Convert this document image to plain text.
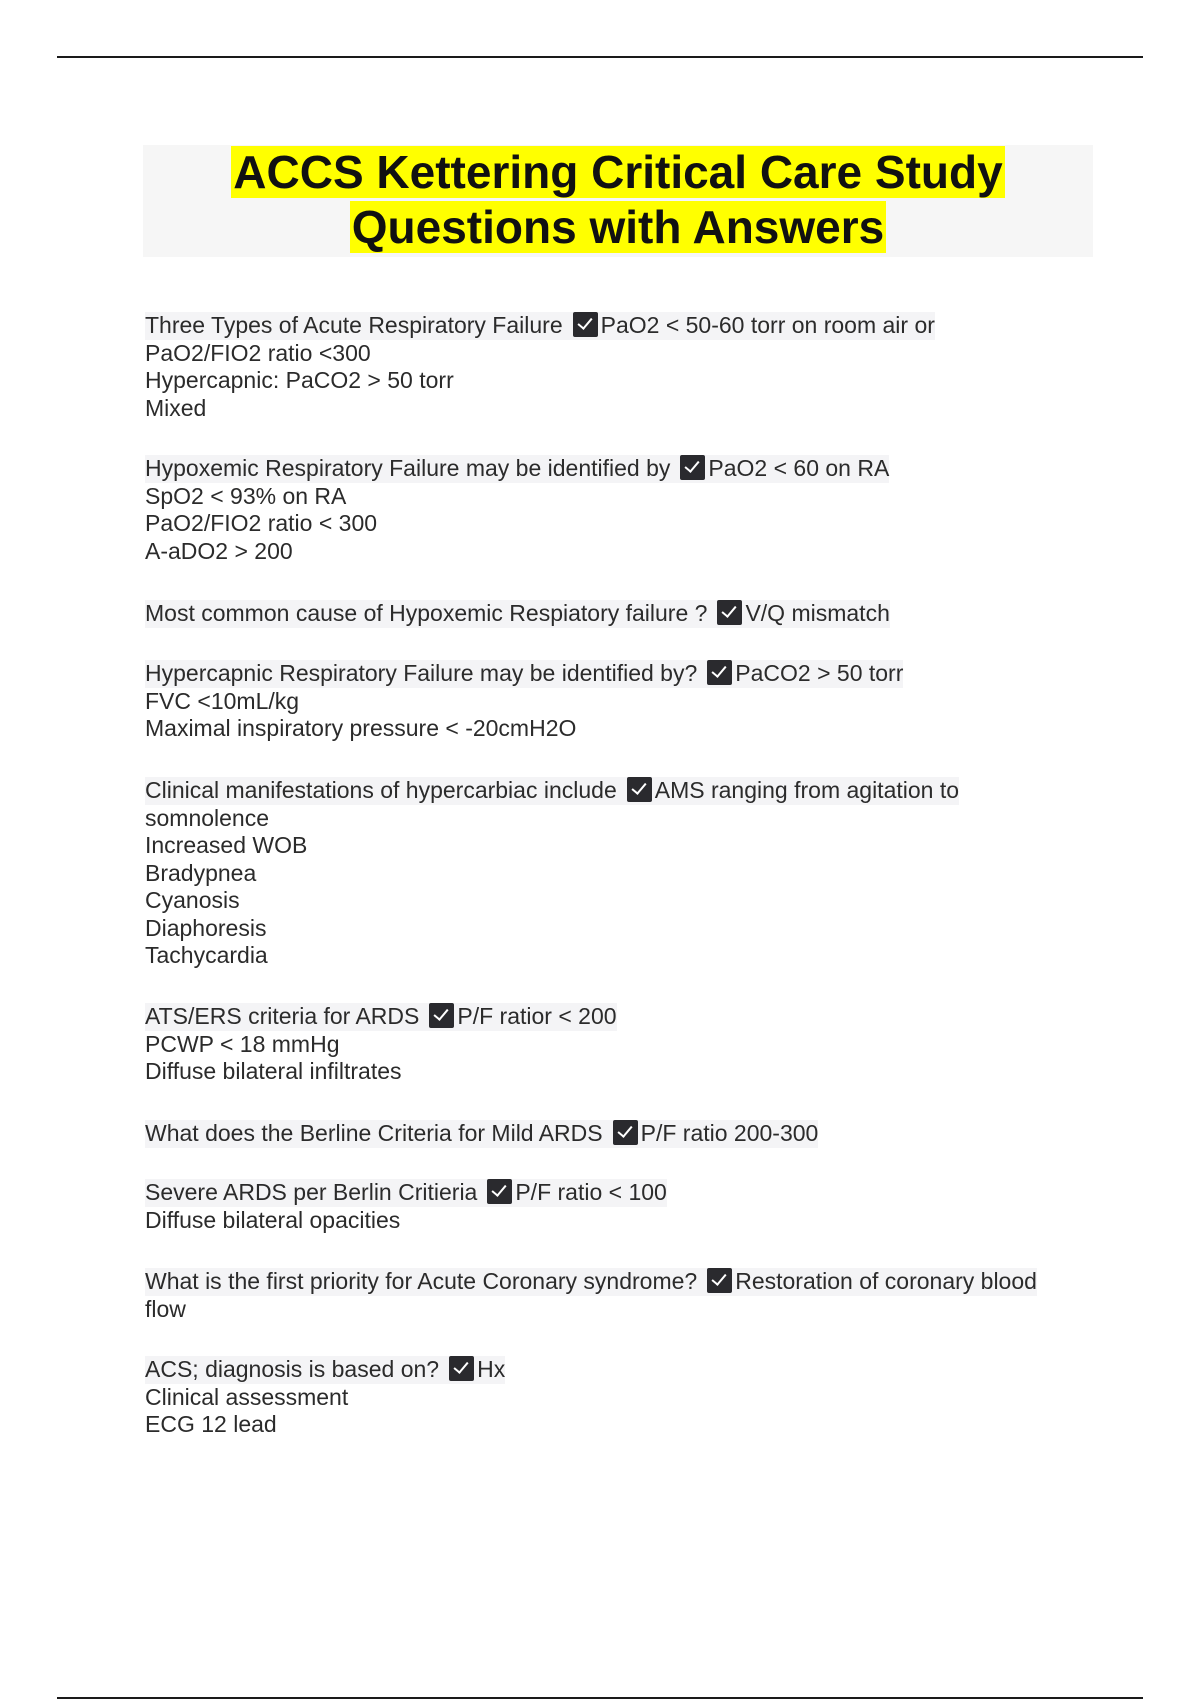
ACCS Kettering Critical Care Study
Questions with Answers
Three Types of Acute Respiratory Failure PaO2 < 50-60 torr on room air or
PaO2/FIO2 ratio <300
Hypercapnic: PaCO2 > 50 torr
Mixed
Hypoxemic Respiratory Failure may be identified by PaO2 < 60 on RA
SpO2 < 93% on RA
PaO2/FIO2 ratio < 300
A-aDO2 > 200
Most common cause of Hypoxemic Respiatory failure ? V/Q mismatch
Hypercapnic Respiratory Failure may be identified by? PaCO2 > 50 torr
FVC <10mL/kg
Maximal inspiratory pressure < -20cmH2O
Clinical manifestations of hypercarbiac include AMS ranging from agitation to
somnolence
Increased WOB
Bradypnea
Cyanosis
Diaphoresis
Tachycardia
ATS/ERS criteria for ARDS P/F ratior < 200
PCWP < 18 mmHg
Diffuse bilateral infiltrates
What does the Berline Criteria for Mild ARDS P/F ratio 200-300
Severe ARDS per Berlin Critieria P/F ratio < 100
Diffuse bilateral opacities
What is the first priority for Acute Coronary syndrome? Restoration of coronary blood
flow
ACS; diagnosis is based on? Hx
Clinical assessment
ECG 12 lead
